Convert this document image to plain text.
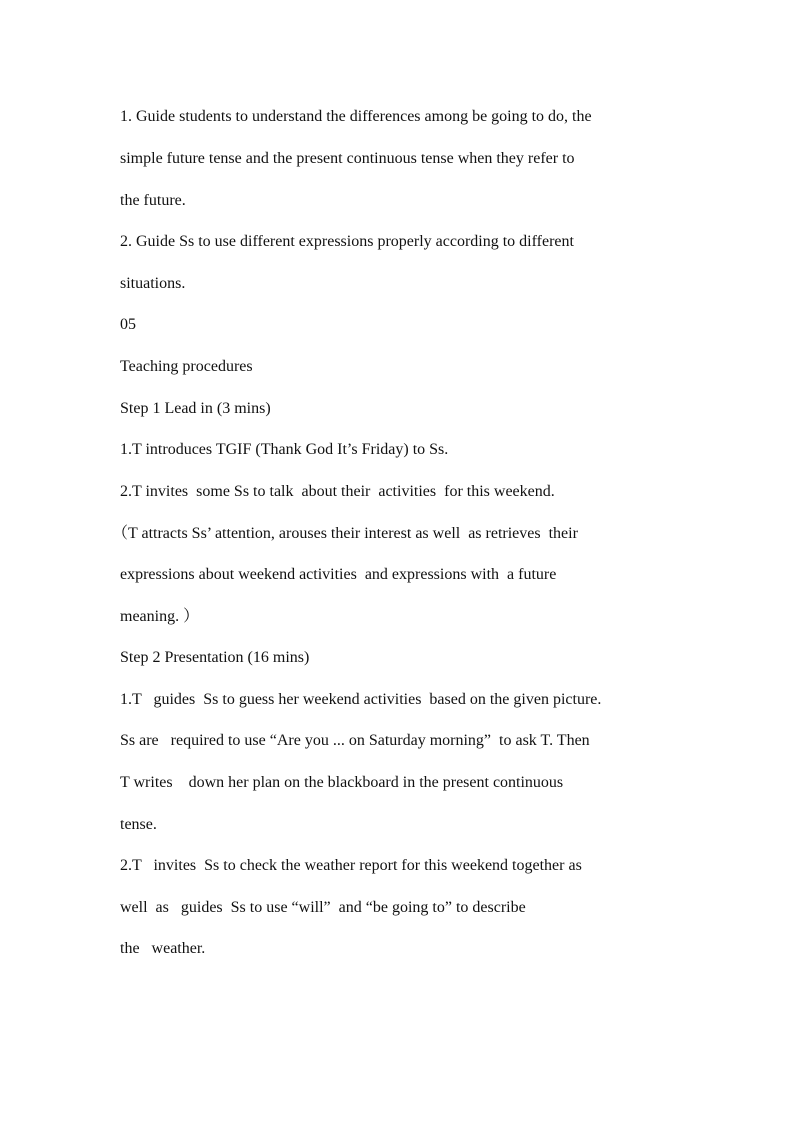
1. Guide students to understand the differences among be going to do, the
simple future tense and the present continuous tense when they refer to
the future.
2. Guide Ss to use different expressions properly according to different
situations.
05
Teaching procedures
Step 1 Lead in (3 mins)
1.T introduces TGIF (Thank God It’s Friday) to Ss.
2.T invites  some Ss to talk  about their  activities  for this weekend.
（T attracts Ss’ attention, arouses their interest as well  as retrieves  their
expressions about weekend activities  and expressions with  a future
meaning. ）
Step 2 Presentation (16 mins)
1.T   guides  Ss to guess her weekend activities  based on the given picture.
Ss are   required to use “Are you ... on Saturday morning”  to ask T. Then
T writes    down her plan on the blackboard in the present continuous
tense.
2.T   invites  Ss to check the weather report for this weekend together as
well  as   guides  Ss to use “will”  and “be going to” to describe
the   weather.
